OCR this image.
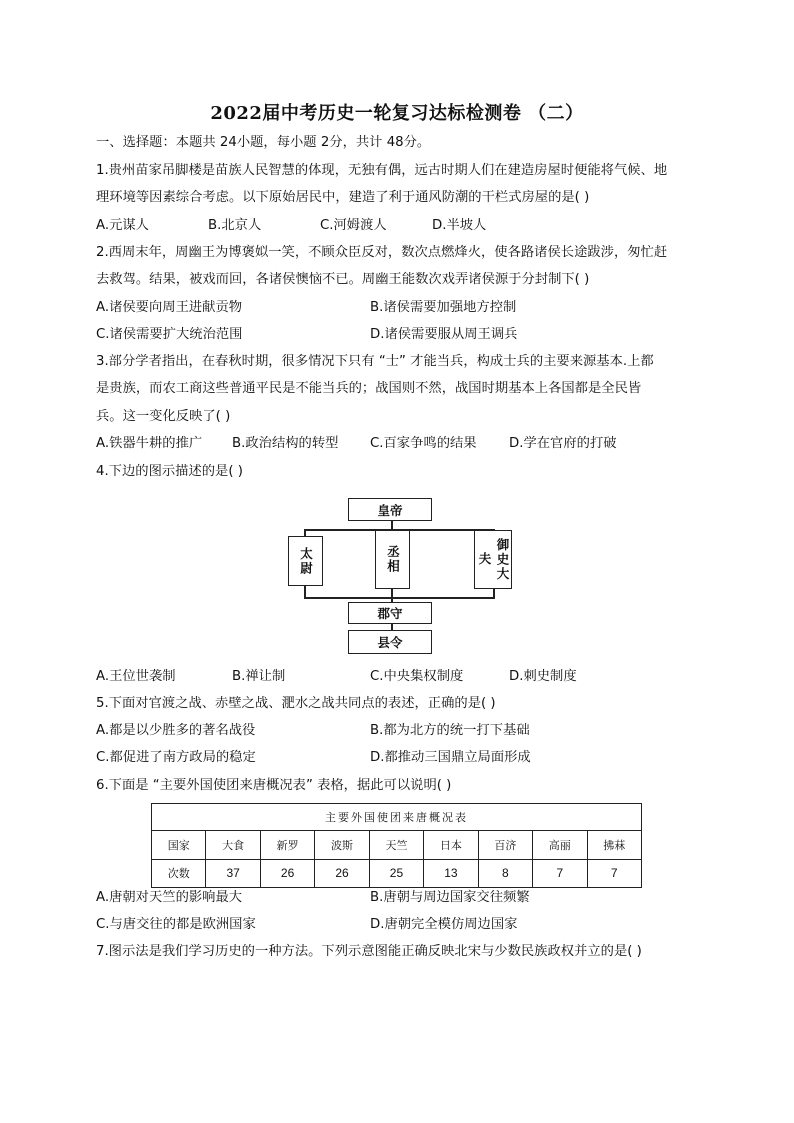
2022届中考历史一轮复习达标检测卷 （二）
一、选择题：本题共 24小题，每小题 2分，共计 48分。
1.贵州苗家吊脚楼是苗族人民智慧的体现，无独有偶，远古时期人们在建造房屋时便能将气候、地
理环境等因素综合考虑。以下原始居民中，建造了利于通风防潮的干栏式房屋的是( )
A.元谋人	B.北京人	C.河姆渡人	D.半坡人
2.西周末年，周幽王为博褒姒一笑，不顾众臣反对，数次点燃烽火，使各路诸侯长途跋涉，匆忙赶
去救驾。结果，被戏而回，各诸侯懊恼不已。周幽王能数次戏弄诸侯源于分封制下( )
A.诸侯要向周王进献贡物	B.诸侯需要加强地方控制
C.诸侯需要扩大统治范围	D.诸侯需要服从周王调兵
3.部分学者指出，在春秋时期，很多情况下只有 “士” 才能当兵，构成士兵的主要来源基本.上都
是贵族，而农工商这些普通平民是不能当兵的；战国则不然，战国时期基本上各国都是全民皆
兵。这一变化反映了( )
A.铁器牛耕的推广 B.政治结构的转型 C.百家争鸣的结果 D.学在官府的打破
4.下边的图示描述的是( )
皇帝
太尉	丞相	御史大夫
郡守
县令
A.王位世袭制	B.禅让制	C.中央集权制度	D.刺史制度
5.下面对官渡之战、赤壁之战、淝水之战共同点的表述，正确的是( )
A.都是以少胜多的著名战役	B.都为北方的统一打下基础
C.都促进了南方政局的稳定	D.都推动三国鼎立局面形成
6.下面是 “主要外国使团来唐概况表” 表格，据此可以说明( )
主要外国使团来唐概况表								
国家	大食	新罗	波斯	天竺	日本	百济	高丽	拂菻
次数	37	26	26	25	13	8	7	7
A.唐朝对天竺的影响最大	B.唐朝与周边国家交往频繁
C.与唐交往的都是欧洲国家	D.唐朝完全模仿周边国家
7.图示法是我们学习历史的一种方法。下列示意图能正确反映北宋与少数民族政权并立的是( )
